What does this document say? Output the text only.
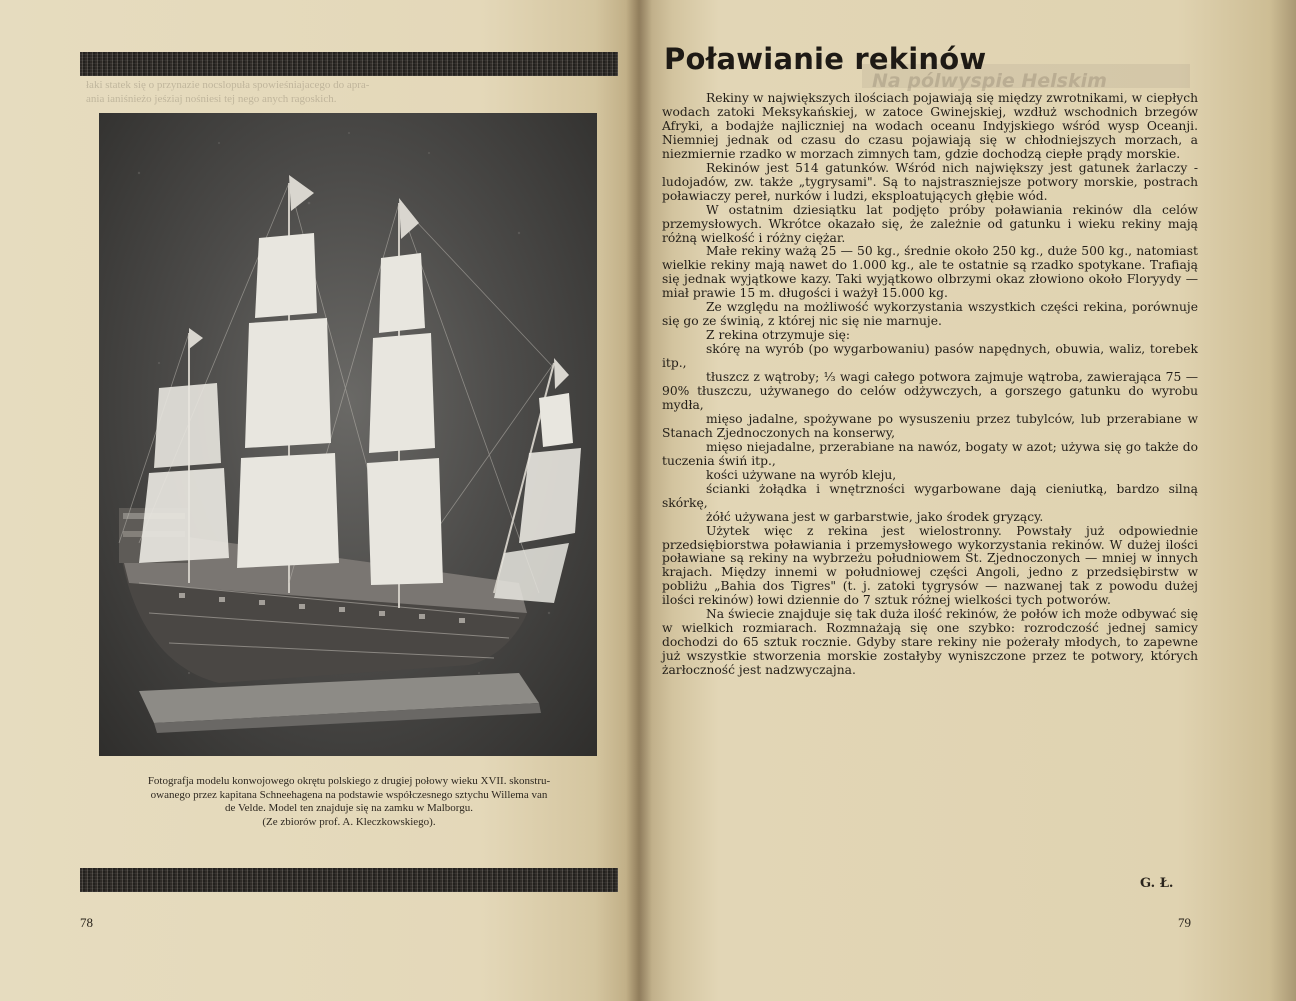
łaki statek się o przynazie nocslopuła spowieśniajacego do apra-
ania ianiśnieżo jeśziaj nośniesi tej nego anych ragoskich.

Fotografja modelu konwojowego okrętu polskiego z drugiej połowy wieku XVII. skonstru-

owanego przez kapitana Schneehagena na podstawie współczesnego sztychu Willema van

de Velde. Model ten znajduje się na zamku w Malborgu.

(Ze zbiorów prof. A. Kleczkowskiego).

78
Na pólwyspie Helskim
Poławianie rekinów

Rekiny w największych ilościach pojawiają się między zwrotnikami, w ciepłych wodach zatoki Meksykańskiej, w zatoce Gwinejskiej, wzdłuż wschodnich brzegów Afryki, a bodajże najliczniej na wodach oceanu Indyjskiego wśród wysp Oceanji. Niemniej jednak od czasu do czasu pojawiają się w chłodniejszych morzach, a niezmiernie rzadko w morzach zimnych tam, gdzie dochodzą ciepłe prądy morskie.

Rekinów jest 514 gatunków. Wśród nich największy jest gatunek żarlaczy - ludojadów, zw. także „tygrysami". Są to najstraszniejsze potwory morskie, postrach poławiaczy pereł, nurków i ludzi, eksploatujących głębie wód.

W ostatnim dziesiątku lat podjęto próby poławiania rekinów dla celów przemysłowych. Wkrótce okazało się, że zależnie od gatunku i wieku rekiny mają różną wielkość i różny ciężar.

Małe rekiny ważą 25 — 50 kg., średnie około 250 kg., duże 500 kg., natomiast wielkie rekiny mają nawet do 1.000 kg., ale te ostatnie są rzadko spotykane. Trafiają się jednak wyjątkowe kazy. Taki wyjątkowo olbrzymi okaz złowiono około Floryydy — miał prawie 15 m. długości i ważył 15.000 kg.

Ze względu na możliwość wykorzystania wszystkich części rekina, porównuje się go ze świnią, z której nic się nie marnuje.

Z rekina otrzymuje się:

skórę na wyrób (po wygarbowaniu) pasów napędnych, obuwia, waliz, torebek itp.,

tłuszcz z wątroby; ⅓ wagi całego potwora zajmuje wątroba, zawierająca 75 — 90% tłuszczu, używanego do celów odżywczych, a gorszego gatunku do wyrobu mydła,

mięso jadalne, spożywane po wysuszeniu przez tubylców, lub przerabiane w Stanach Zjednoczonych na konserwy,

mięso niejadalne, przerabiane na nawóz, bogaty w azot; używa się go także do tuczenia świń itp.,

kości używane na wyrób kleju,

ścianki żołądka i wnętrzności wygarbowane dają cieniutką, bardzo silną skórkę,

żółć używana jest w garbarstwie, jako środek gryzący.

Użytek więc z rekina jest wielostronny. Powstały już odpowiednie przedsiębiorstwa poławiania i przemysłowego wykorzystania rekinów. W dużej ilości poławiane są rekiny na wybrzeżu południowem St. Zjednoczonych — mniej w innych krajach. Między innemi w południowej części Angoli, jedno z przedsiębirstw w pobliżu „Bahia dos Tigres" (t. j. zatoki tygrysów — nazwanej tak z powodu dużej ilości rekinów) łowi dziennie do 7 sztuk różnej wielkości tych potworów.

Na świecie znajduje się tak duża ilość rekinów, że połów ich może odbywać się w wielkich rozmiarach. Rozmnażają się one szybko: rozrodczość jednej samicy dochodzi do 65 sztuk rocznie. Gdyby stare rekiny nie pożerały młodych, to zapewne już wszystkie stworzenia morskie zostałyby wyniszczone przez te potwory, których żarłoczność jest nadzwyczajna.

G. Ł.
79
